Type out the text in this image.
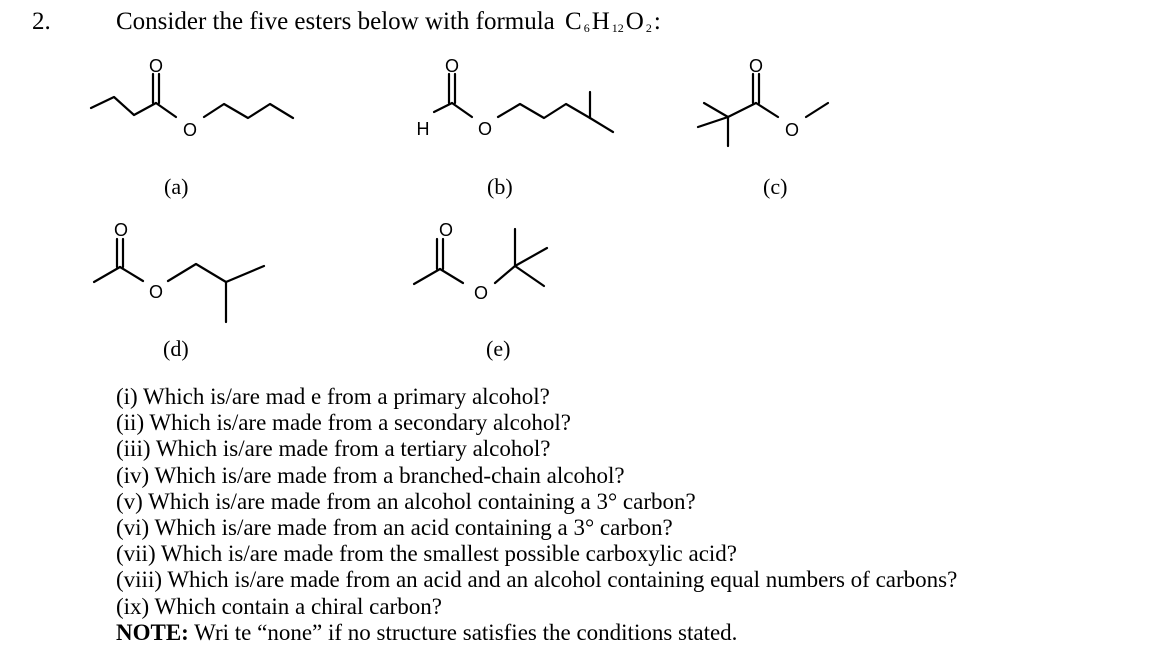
2.	Consider the five esters below with formula C $_6$H $_{12}$O $_2$:
O
O
O
H	O
O
O
O
O
O
O
(a)	(b)	(c)
(d)	(e)
(i) Which is/are mad e from a primary alcohol?
(ii) Which is/are made from a secondary alcohol?
(iii) Which is/are made from a tertiary alcohol?
(iv) Which is/are made from a branched-chain alcohol?
(v) Which is/are made from an alcohol containing a 3° carbon?
(vi) Which is/are made from an acid containing a 3° carbon?
(vii) Which is/are made from the smallest possible carboxylic acid?
(viii) Which is/are made from an acid and an alcohol containing equal numbers of carbons?
(ix) Which contain a chiral carbon?
NOTE: Wri te “none” if no structure satisfies the conditions stated.
